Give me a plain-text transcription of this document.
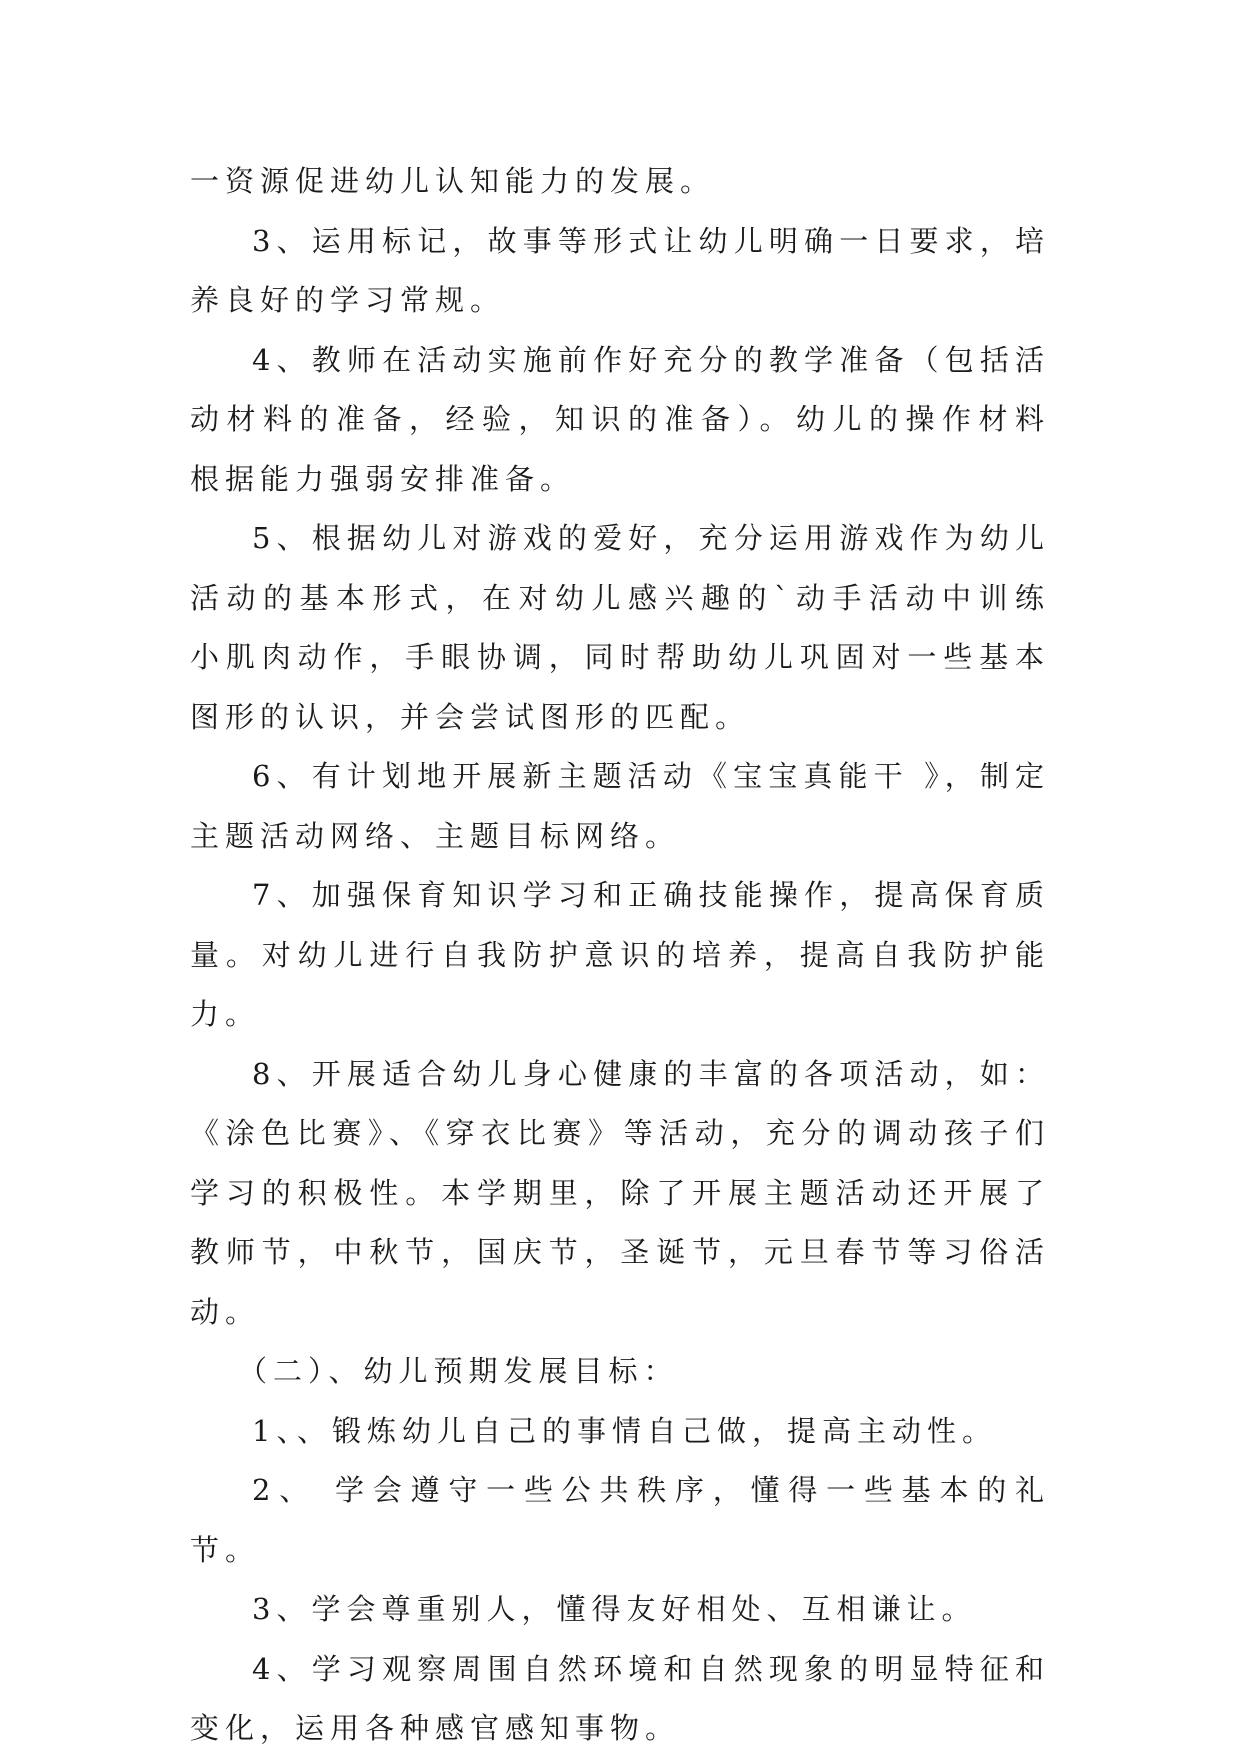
一资源促进幼儿认知能力的发展。

3、运用标记，故事等形式让幼儿明确一日要求，培养良好的学习常规。

4、教师在活动实施前作好充分的教学准备（包括活动材料的准备，经验，知识的准备）。幼儿的操作材料根据能力强弱安排准备。

5、根据幼儿对游戏的爱好，充分运用游戏作为幼儿活动的基本形式，在对幼儿感兴趣的`动手活动中训练小肌肉动作，手眼协调，同时帮助幼儿巩固对一些基本图形的认识，并会尝试图形的匹配。

6、有计划地开展新主题活动《宝宝真能干 》，制定主题活动网络、主题目标网络。

7、加强保育知识学习和正确技能操作，提高保育质量。对幼儿进行自我防护意识的培养，提高自我防护能力。

8、开展适合幼儿身心健康的丰富的各项活动，如：《涂色比赛》、《穿衣比赛》等活动，充分的调动孩子们学习的积极性。本学期里，除了开展主题活动还开展了教师节，中秋节，国庆节，圣诞节，元旦春节等习俗活动。

（二）、幼儿预期发展目标：

1、、锻炼幼儿自己的事情自己做，提高主动性。

2、 学会遵守一些公共秩序，懂得一些基本的礼节。

3、学会尊重别人，懂得友好相处、互相谦让。

4、学习观察周围自然环境和自然现象的明显特征和变化，运用各种感官感知事物。
